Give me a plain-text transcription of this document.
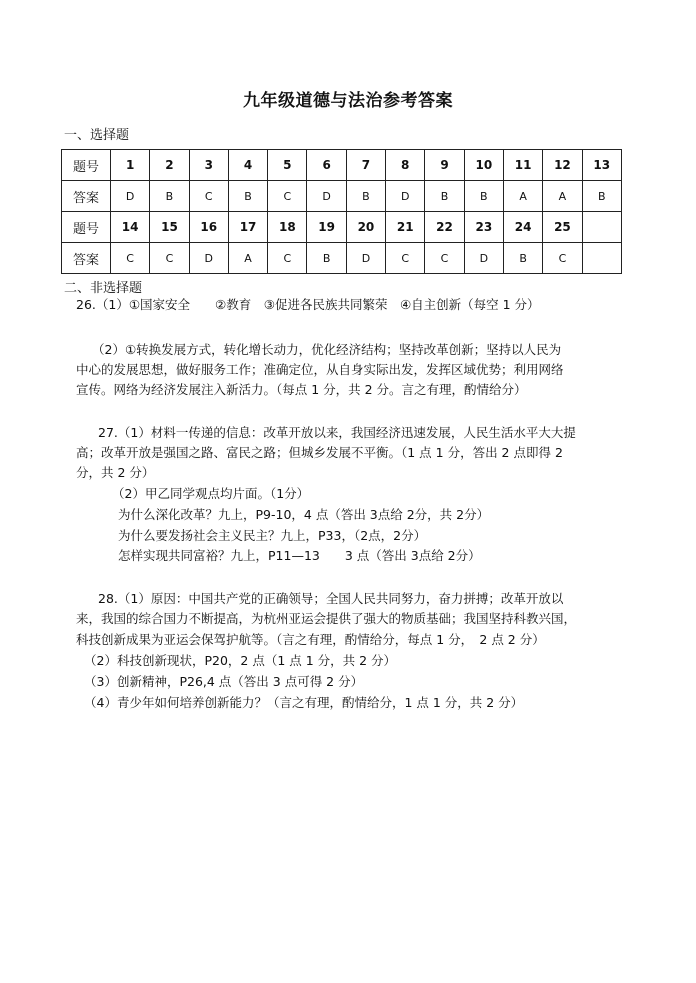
九年级道德与法治参考答案
一、选择题
题号	1	2	3	4	5	6	7	8	9	10	11	12	13
答案	D	B	C	B	C	D	B	D	B	B	A	A	B
题号	14	15	16	17	18	19	20	21	22	23	24	25	
答案	C	C	D	A	C	B	D	C	C	D	B	C	
二、非选择题
26.（1）①国家安全　　②教育　③促进各民族共同繁荣　④自主创新（每空 1 分）
（2）①转换发展方式，转化增长动力，优化经济结构；坚持改革创新；坚持以人民为
中心的发展思想，做好服务工作；准确定位，从自身实际出发，发挥区域优势；利用网络
宣传。网络为经济发展注入新活力。（每点 1 分，共 2 分。言之有理，酌情给分）
27.（1）材料一传递的信息：改革开放以来，我国经济迅速发展，人民生活水平大大提
高；改革开放是强国之路、富民之路；但城乡发展不平衡。（1 点 1 分，答出 2 点即得 2
分，共 2 分）
（2）甲乙同学观点均片面。（1分）
为什么深化改革？九上，P9-10，4 点（答出 3点给 2分，共 2分）
为什么要发扬社会主义民主？九上，P33，（2点，2分）
怎样实现共同富裕？九上，P11—13　　3 点（答出 3点给 2分）
28.（1）原因：中国共产党的正确领导；全国人民共同努力，奋力拼搏；改革开放以
来，我国的综合国力不断提高，为杭州亚运会提供了强大的物质基础；我国坚持科教兴国，
科技创新成果为亚运会保驾护航等。（言之有理，酌情给分，每点 1 分，　2 点 2 分）
（2）科技创新现状，P20，2 点（1 点 1 分，共 2 分）
（3）创新精神，P26,4 点（答出 3 点可得 2 分）
（4）青少年如何培养创新能力？（言之有理，酌情给分，1 点 1 分，共 2 分）
